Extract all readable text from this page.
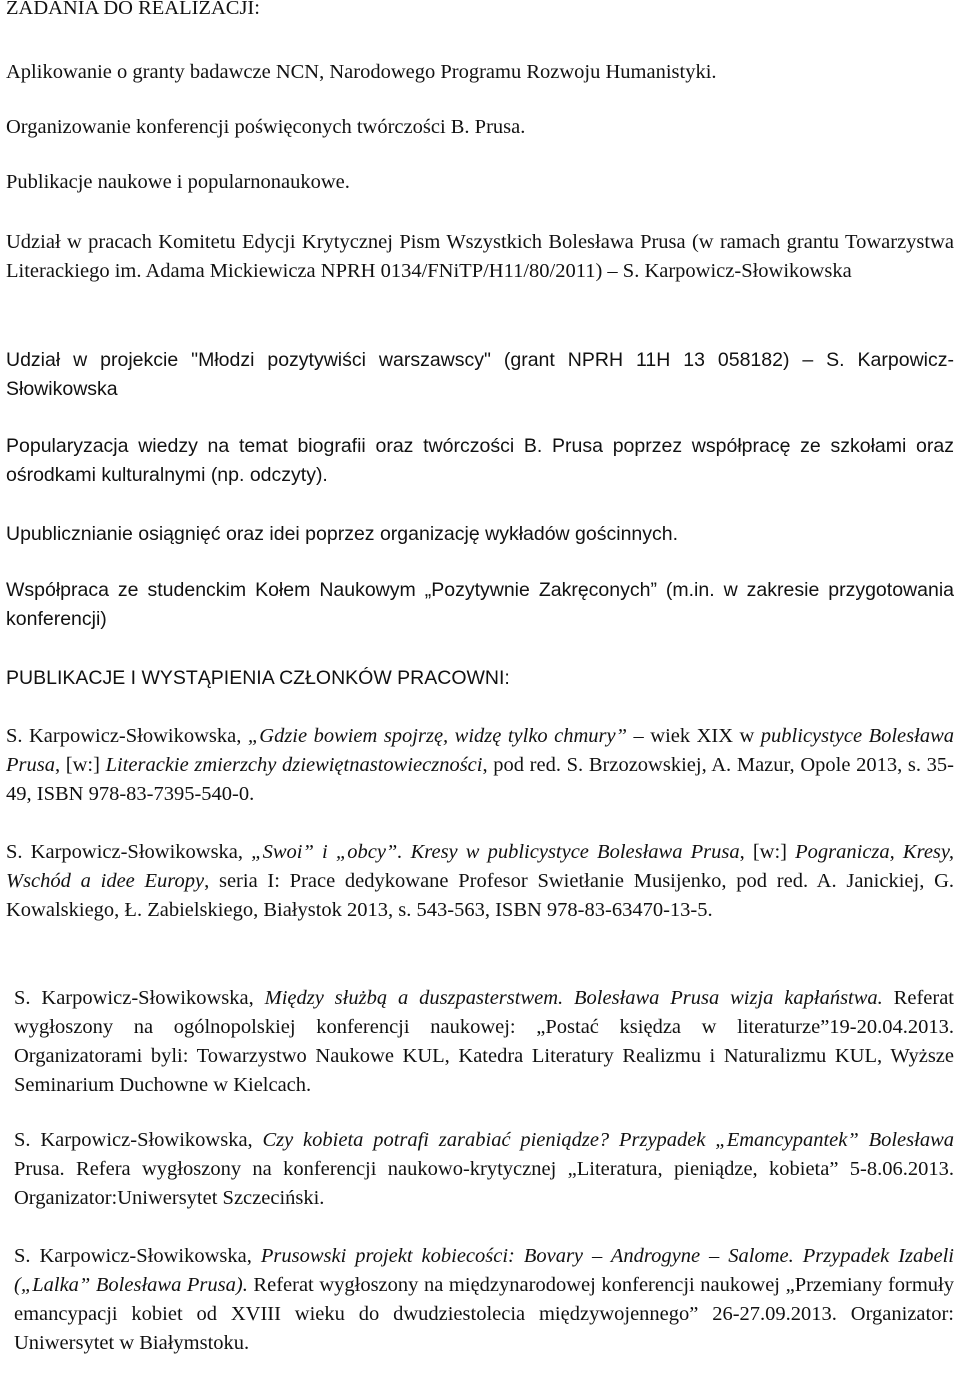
ZADANIA DO REALIZACJI:
Aplikowanie o granty badawcze NCN, Narodowego Programu Rozwoju Humanistyki.
Organizowanie konferencji poświęconych twórczości B. Prusa.
Publikacje naukowe i popularnonaukowe.
Udział w pracach Komitetu Edycji Krytycznej Pism Wszystkich Bolesława Prusa (w ramach grantu Towarzystwa Literackiego im. Adama Mickiewicza NPRH 0134/FNiTP/H11/80/2011) – S. Karpowicz-Słowikowska
Udział w projekcie "Młodzi pozytywiści warszawscy" (grant NPRH 11H 13 058182) – S. Karpowicz-Słowikowska
Popularyzacja wiedzy na temat biografii oraz twórczości B. Prusa poprzez współpracę ze szkołami oraz ośrodkami kulturalnymi (np. odczyty).
Upublicznianie osiągnięć oraz idei poprzez organizację wykładów gościnnych.
Współpraca ze studenckim Kołem Naukowym „Pozytywnie Zakręconych” (m.in. w zakresie przygotowania konferencji)
PUBLIKACJE I WYSTĄPIENIA CZŁONKÓW PRACOWNI:
S. Karpowicz-Słowikowska, „Gdzie bowiem spojrzę, widzę tylko chmury” – wiek XIX w publicystyce Bolesława Prusa, [w:] Literackie zmierzchy dziewiętnastowieczności, pod red. S. Brzozowskiej, A. Mazur, Opole 2013, s. 35-49, ISBN 978-83-7395-540-0.
S. Karpowicz-Słowikowska, „Swoi” i „obcy”. Kresy w publicystyce Bolesława Prusa, [w:] Pogranicza, Kresy, Wschód a idee Europy, seria I: Prace dedykowane Profesor Swietłanie Musijenko, pod red. A. Janickiej, G. Kowalskiego, Ł. Zabielskiego, Białystok 2013, s. 543-563, ISBN 978-83-63470-13-5.
S. Karpowicz-Słowikowska, Między służbą a duszpasterstwem. Bolesława Prusa wizja kapłaństwa. Referat wygłoszony na ogólnopolskiej konferencji naukowej: „Postać księdza w literaturze”19-20.04.2013. Organizatorami byli: Towarzystwo Naukowe KUL, Katedra Literatury Realizmu i Naturalizmu KUL, Wyższe Seminarium Duchowne w Kielcach.
S. Karpowicz-Słowikowska, Czy kobieta potrafi zarabiać pieniądze? Przypadek „Emancypantek” Bolesława Prusa. Refera wygłoszony na konferencji naukowo-krytycznej „Literatura, pieniądze, kobieta” 5-8.06.2013. Organizator:Uniwersytet Szczeciński.
S. Karpowicz-Słowikowska, Prusowski projekt kobiecości: Bovary – Androgyne – Salome. Przypadek Izabeli („Lalka” Bolesława Prusa). Referat wygłoszony na międzynarodowej konferencji naukowej „Przemiany formuły emancypacji kobiet od XVIII wieku do dwudziestolecia międzywojennego” 26-27.09.2013. Organizator: Uniwersytet w Białymstoku.
